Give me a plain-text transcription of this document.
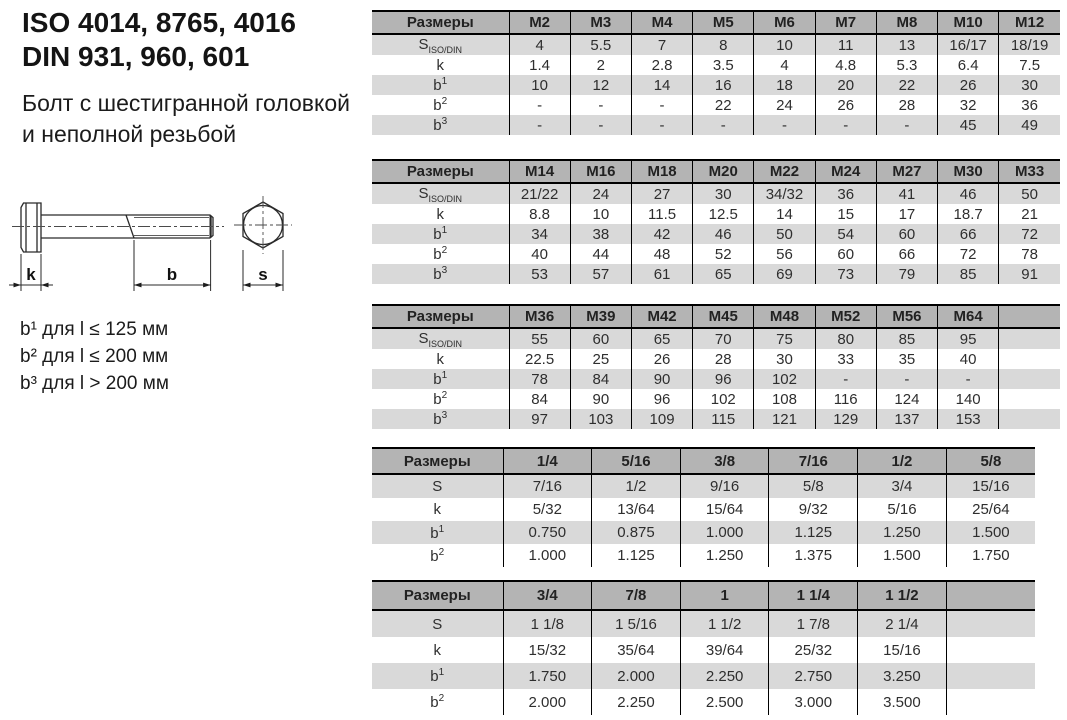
ISO 4014, 8765, 4016
DIN 931, 960, 601
Болт с шестигранной головкой
и неполной резьбой
k	b	s
b¹ для l ≤ 125 мм
b² для l ≤ 200 мм
b³ для l > 200 мм
Размеры	M2	M3	M4	M5	M6	M7	M8	M10	M12
$S_{ISO/DIN}$	4	5.5	7	8	10	11	13	16/17	18/19
k	1.4	2	2.8	3.5	4	4.8	5.3	6.4	7.5
$b^1$	10	12	14	16	18	20	22	26	30
$b^2$	-	-	-	22	24	26	28	32	36
$b^3$	-	-	-	-	-	-	-	45	49
Размеры	M14	M16	M18	M20	M22	M24	M27	M30	M33
$S_{ISO/DIN}$	21/22	24	27	30	34/32	36	41	46	50
k	8.8	10	11.5	12.5	14	15	17	18.7	21
$b^1$	34	38	42	46	50	54	60	66	72
$b^2$	40	44	48	52	56	60	66	72	78
$b^3$	53	57	61	65	69	73	79	85	91
Размеры	M36	M39	M42	M45	M48	M52	M56	M64	
$S_{ISO/DIN}$	55	60	65	70	75	80	85	95	
k	22.5	25	26	28	30	33	35	40	
$b^1$	78	84	90	96	102	-	-	-	
$b^2$	84	90	96	102	108	116	124	140	
$b^3$	97	103	109	115	121	129	137	153	
Размеры	1/4	5/16	3/8	7/16	1/2	5/8
S	7/16	1/2	9/16	5/8	3/4	15/16
k	5/32	13/64	15/64	9/32	5/16	25/64
$b^1$	0.750	0.875	1.000	1.125	1.250	1.500
$b^2$	1.000	1.125	1.250	1.375	1.500	1.750
Размеры	3/4	7/8	1	1 1/4	1 1/2	
S	1 1/8	1 5/16	1 1/2	1 7/8	2 1/4	
k	15/32	35/64	39/64	25/32	15/16	
$b^1$	1.750	2.000	2.250	2.750	3.250	
$b^2$	2.000	2.250	2.500	3.000	3.500	
